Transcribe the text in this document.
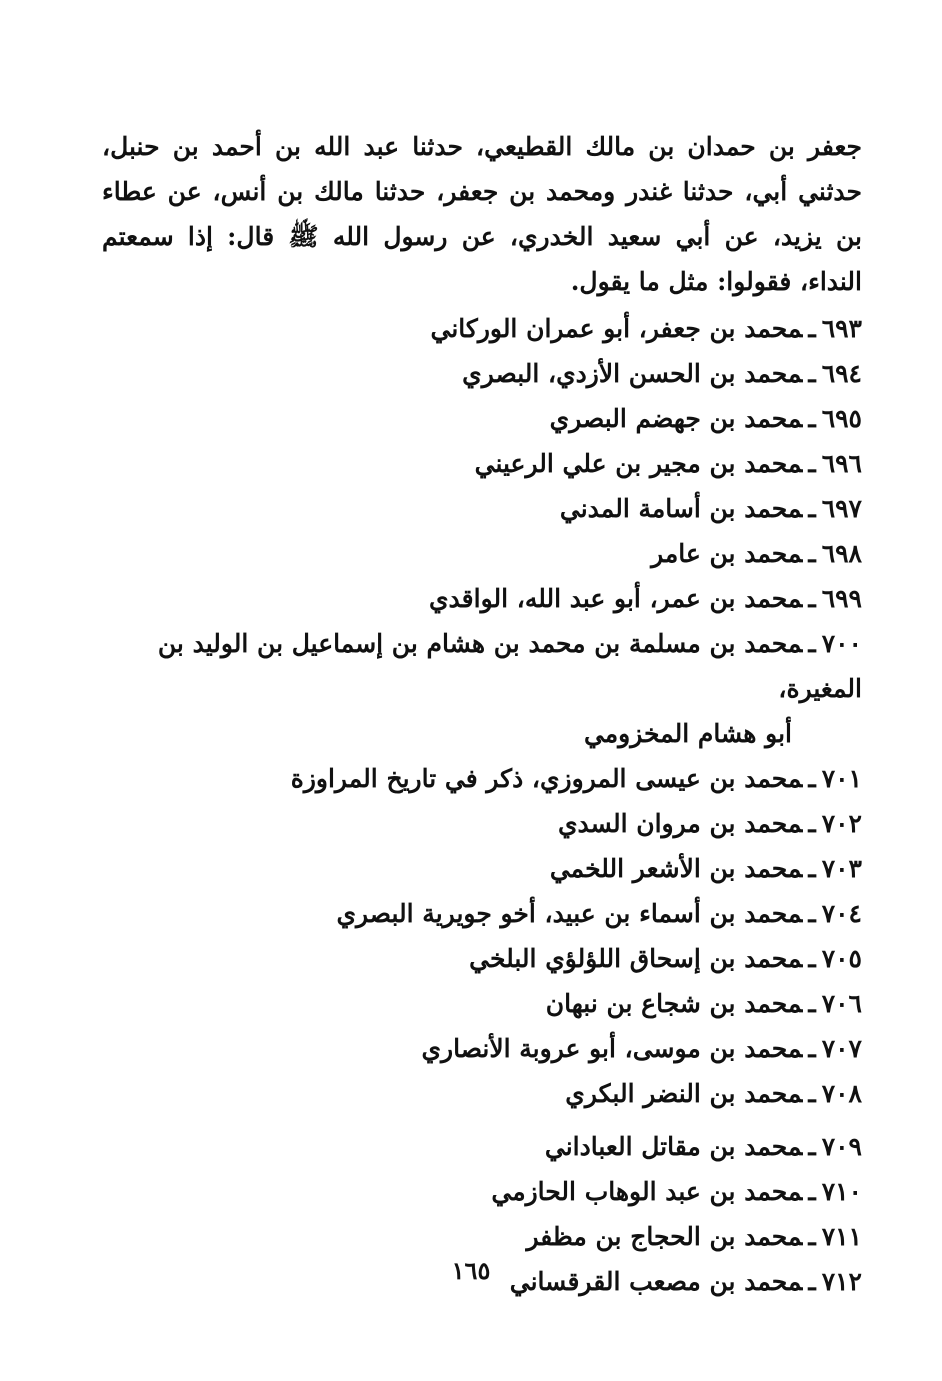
جعفر بن حمدان بن مالك القطيعي، حدثنا عبد الله بن أحمد بن حنبل، حدثني أبي، حدثنا غندر ومحمد بن جعفر، حدثنا مالك بن أنس، عن عطاء بن يزيد، عن أبي سعيد الخدري، عن رسول الله ﷺ قال: إذا سمعتم النداء، فقولوا: مثل ما يقول.

٦٩٣ـمحمد بن جعفر، أبو عمران الوركاني
٦٩٤ـمحمد بن الحسن الأزدي، البصري
٦٩٥ـمحمد بن جهضم البصري
٦٩٦ـمحمد بن مجير بن علي الرعيني
٦٩٧ـمحمد بن أسامة المدني
٦٩٨ـمحمد بن عامر
٦٩٩ـمحمد بن عمر، أبو عبد الله، الواقدي
٧٠٠ـمحمد بن مسلمة بن محمد بن هشام بن إسماعيل بن الوليد بن المغيرة،
أبو هشام المخزومي
٧٠١ـمحمد بن عيسى المروزي، ذكر في تاريخ المراوزة
٧٠٢ـمحمد بن مروان السدي
٧٠٣ـمحمد بن الأشعر اللخمي
٧٠٤ـمحمد بن أسماء بن عبيد، أخو جويرية البصري
٧٠٥ـمحمد بن إسحاق اللؤلؤي البلخي
٧٠٦ـمحمد بن شجاع بن نبهان
٧٠٧ـمحمد بن موسى، أبو عروبة الأنصاري
٧٠٨ـمحمد بن النضر البكري
٧٠٩ـمحمد بن مقاتل العباداني
٧١٠ـمحمد بن عبد الوهاب الحازمي
٧١١ـمحمد بن الحجاج بن مظفر
٧١٢ـمحمد بن مصعب القرقساني
١٦٥
